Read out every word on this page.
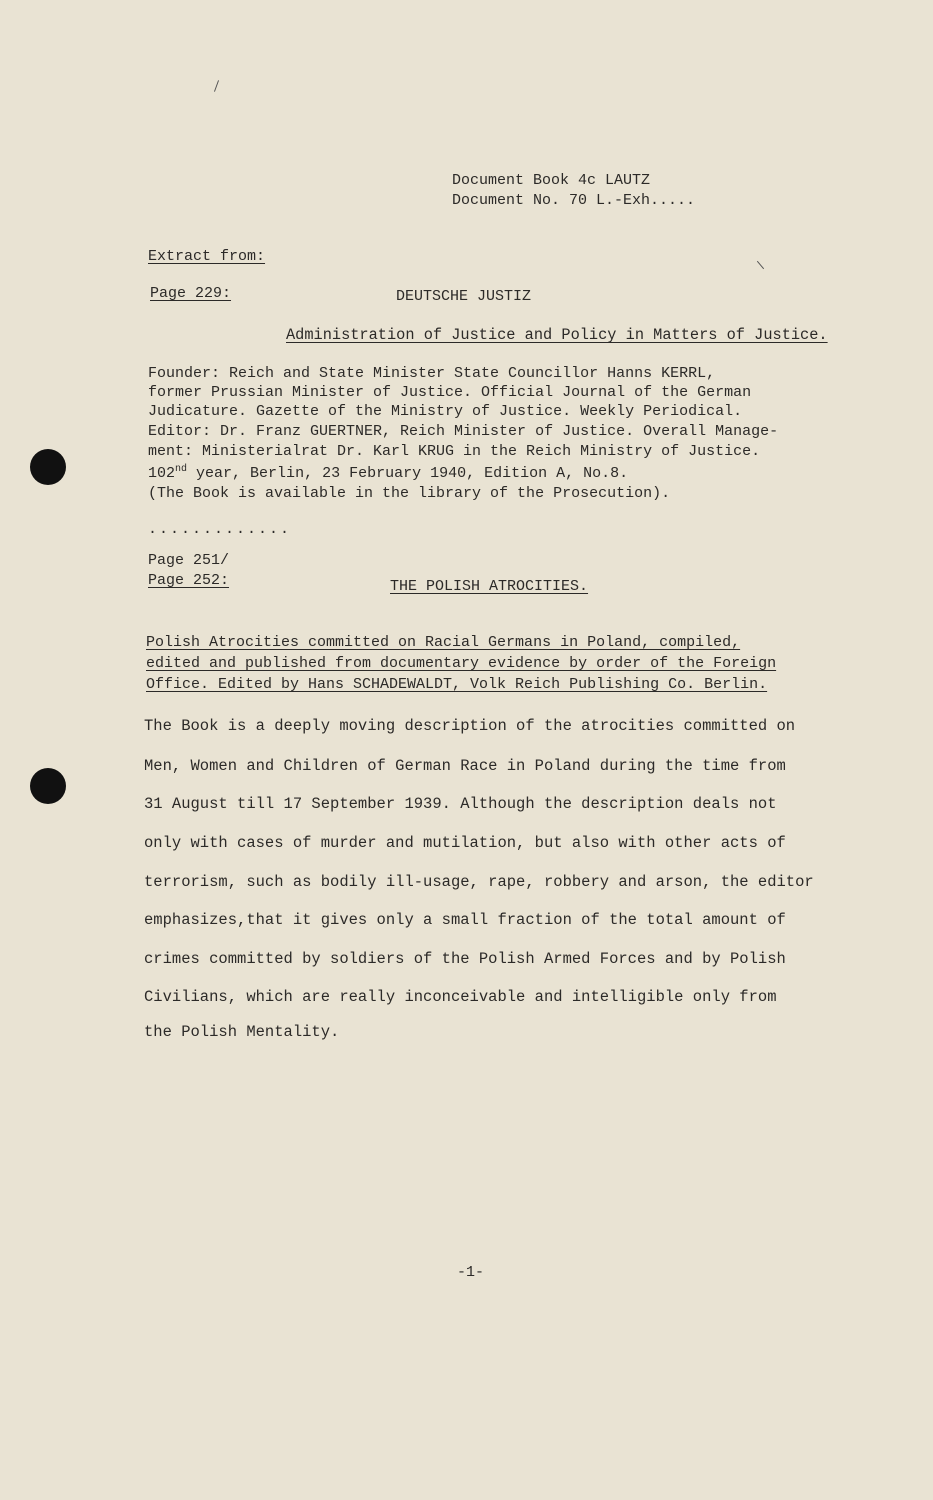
Document Book 4c LAUTZ
Document No. 70 L.-Exh.....
Extract from:
Page 229:	DEUTSCHE JUSTIZ
Administration of Justice and Policy in Matters of Justice.
Founder: Reich and State Minister State Councillor Hanns KERRL,
former Prussian Minister of Justice. Official Journal of the German
Judicature. Gazette of the Ministry of Justice. Weekly Periodical.
Editor: Dr. Franz GUERTNER, Reich Minister of Justice. Overall Manage-
ment: Ministerialrat Dr. Karl KRUG in the Reich Ministry of Justice.
102nd year, Berlin, 23 February 1940, Edition A, No.8.
(The Book is available in the library of the Prosecution).
.............
Page 251/
Page 252:	THE POLISH ATROCITIES.
Polish Atrocities committed on Racial Germans in Poland, compiled,
edited and published from documentary evidence by order of the Foreign
Office. Edited by Hans SCHADEWALDT, Volk Reich Publishing Co. Berlin.
The Book is a deeply moving description of the atrocities committed on
Men, Women and Children of German Race in Poland during the time from
31 August till 17 September 1939. Although the description deals not
only with cases of murder and mutilation, but also with other acts of
terrorism, such as bodily ill-usage, rape, robbery and arson, the editor
emphasizes,that it gives only a small fraction of the total amount of
crimes committed by soldiers of the Polish Armed Forces and by Polish
Civilians, which are really inconceivable and intelligible only from
the Polish Mentality.
-1-
